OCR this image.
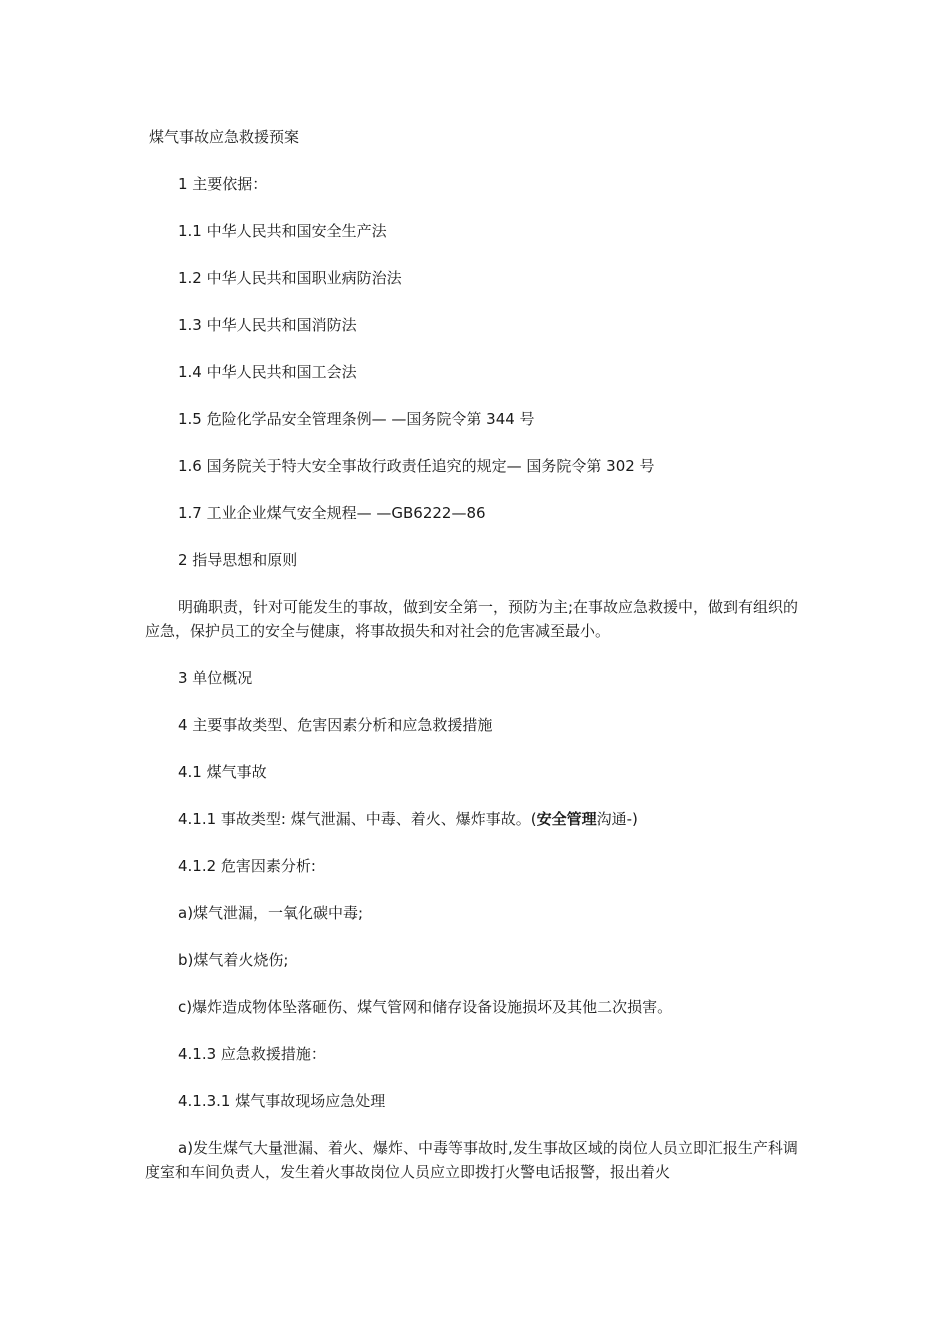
煤气事故应急救援预案
1 主要依据：
1.1 中华人民共和国安全生产法
1.2 中华人民共和国职业病防治法
1.3 中华人民共和国消防法
1.4 中华人民共和国工会法
1.5 危险化学品安全管理条例— —国务院令第 344 号
1.6 国务院关于特大安全事故行政责任追究的规定— 国务院令第 302 号
1.7 工业企业煤气安全规程— —GB6222—86
2 指导思想和原则
明确职责，针对可能发生的事故，做到安全第一，预防为主;在事故应急救援中，做到有组织的应急，保护员工的安全与健康，将事故损失和对社会的危害减至最小。
3 单位概况
4 主要事故类型、危害因素分析和应急救援措施
4.1 煤气事故
4.1.1 事故类型: 煤气泄漏、中毒、着火、爆炸事故。(安全管理沟通-)
4.1.2 危害因素分析:
a)煤气泄漏，一氧化碳中毒;
b)煤气着火烧伤;
c)爆炸造成物体坠落砸伤、煤气管网和储存设备设施损坏及其他二次损害。
4.1.3 应急救援措施：
4.1.3.1 煤气事故现场应急处理
a)发生煤气大量泄漏、着火、爆炸、中毒等事故时,发生事故区域的岗位人员立即汇报生产科调度室和车间负责人，发生着火事故岗位人员应立即拨打火警电话报警，报出着火
